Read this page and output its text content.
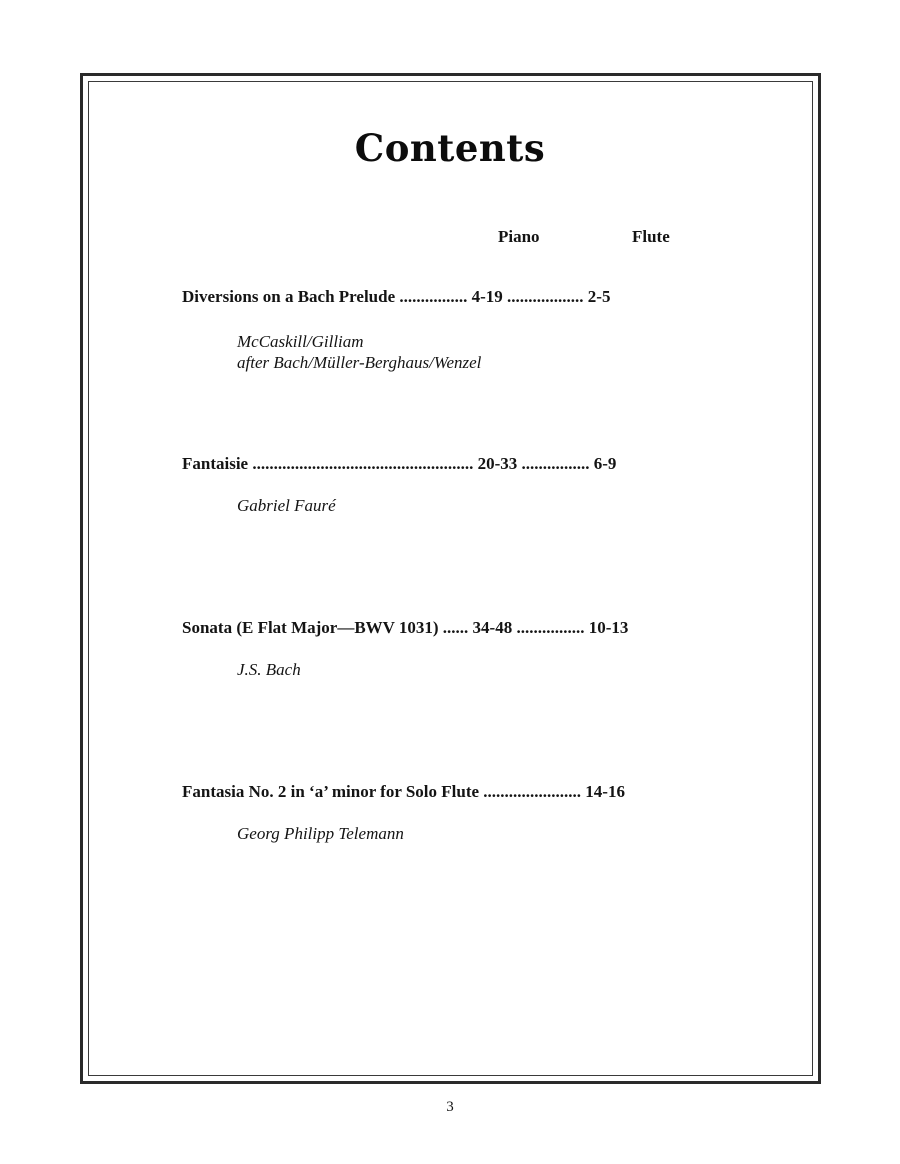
Contents
Piano	Flute
Diversions on a Bach Prelude ................ 4-19 .................. 2-5
McCaskill/Gilliam
after Bach/Müller-Berghaus/Wenzel
Fantaisie .................................................... 20-33 ................ 6-9
Gabriel Fauré
Sonata (E Flat Major—BWV 1031) ...... 34-48 ................ 10-13
J.S. Bach
Fantasia No. 2 in ‘a’ minor for Solo Flute ....................... 14-16
Georg Philipp Telemann
3
